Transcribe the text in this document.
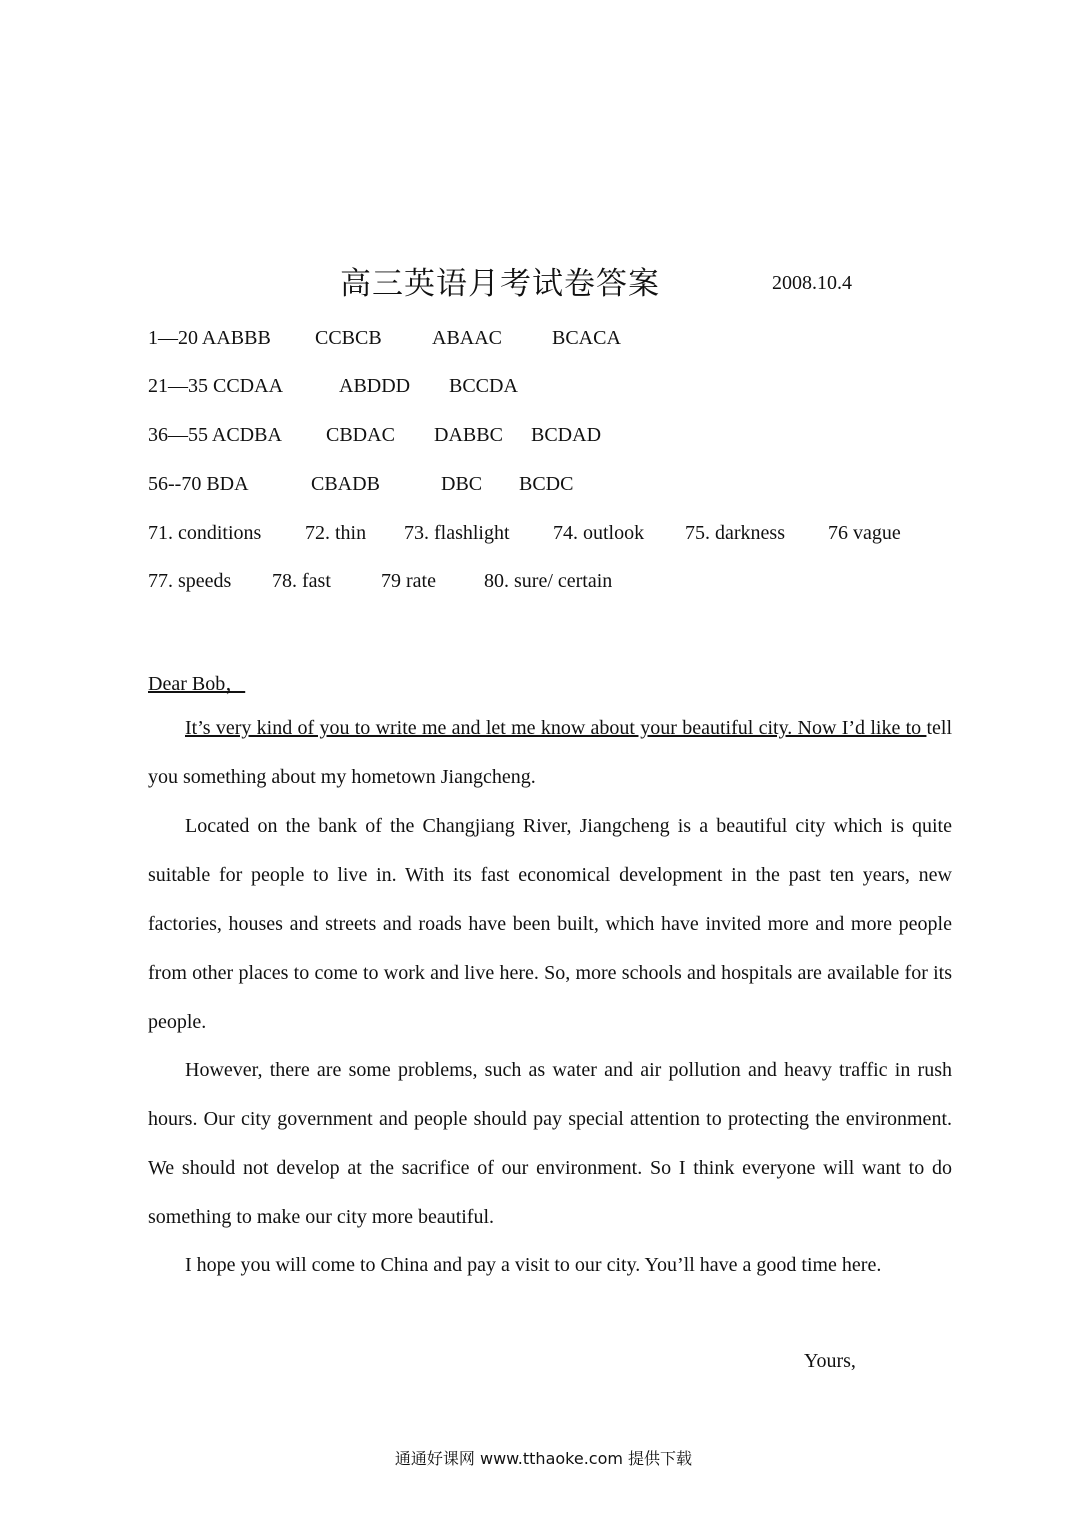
高三英语月考试卷答案	2008.10.4
1—20 AABBB CCBCB	ABAAC BCACA
21—35 CCDAA	ABDDD BCCDA
36—55 ACDBA CBDAC DABBC BCDAD
56--70 BDA	CBADB	DBC BCDC
71. conditions 72. thin 73. flashlight 74. outlook 75. darkness 76 vague
77. speeds 78. fast	79 rate 80. sure/ certain
Dear Bob，

It’s very kind of you to write me and let me know about your beautiful city. Now I’d like to tell you something about my hometown Jiangcheng.

Located on the bank of the Changjiang River, Jiangcheng is a beautiful city which is quite suitable for people to live in. With its fast economical development in the past ten years, new factories, houses and streets and roads have been built, which have invited more and more people from other places to come to work and live here. So, more schools and hospitals are available for its people.

However, there are some problems, such as water and air pollution and heavy traffic in rush hours. Our city government and people should pay special attention to protecting the environment. We should not develop at the sacrifice of our environment. So I think everyone will want to do something to make our city more beautiful.

I hope you will come to China and pay a visit to our city. You’ll have a good time here.

Yours,
通通好课网 www.tthaoke.com 提供下载
